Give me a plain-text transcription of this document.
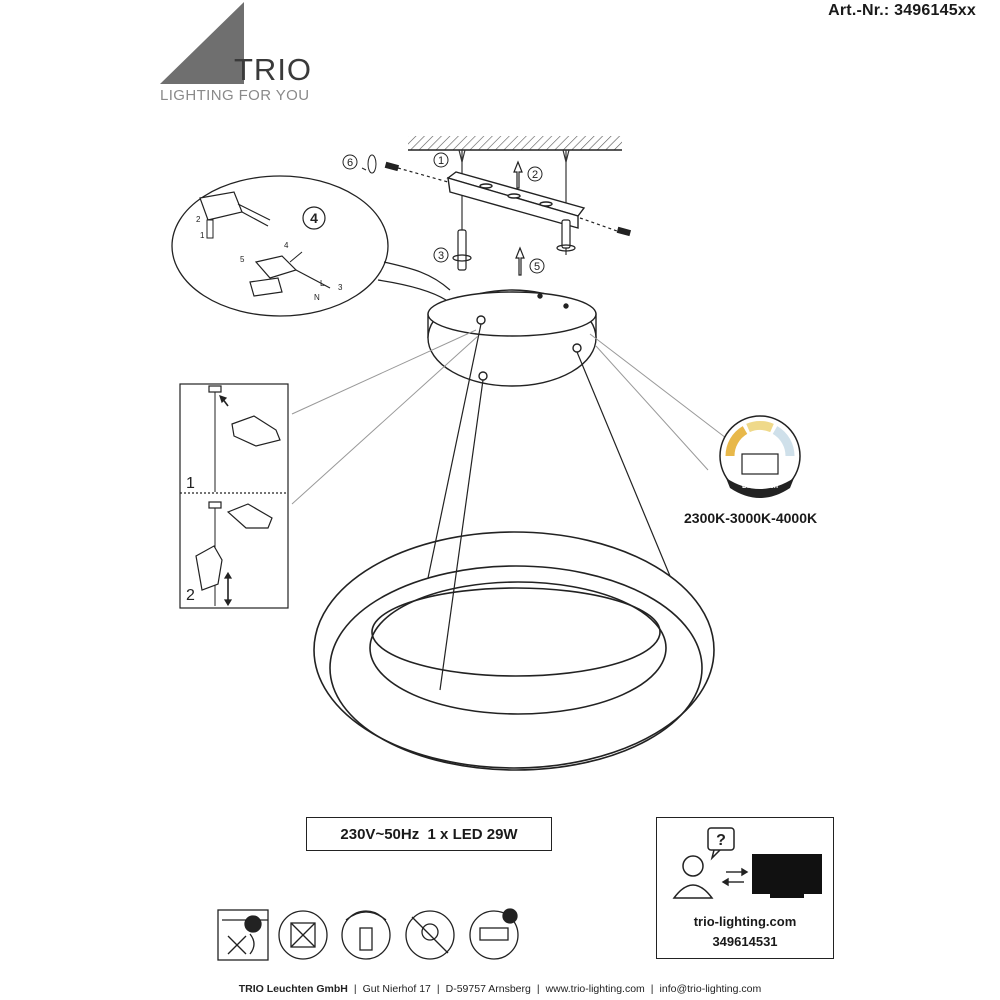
Art.-Nr.: 3496145xx
TRIO
LIGHTING FOR YOU
1
2
3
5
6
4
2
1
4
5
L
N
3
1
2
DIP Switch
?
2300K-3000K-4000K
230V~50Hz  1 x LED 29W
trio-lighting.com
349614531
TRIO Leuchten GmbH | Gut Nierhof 17 | D-59757 Arnsberg | www.trio-lighting.com | info@trio-lighting.com
